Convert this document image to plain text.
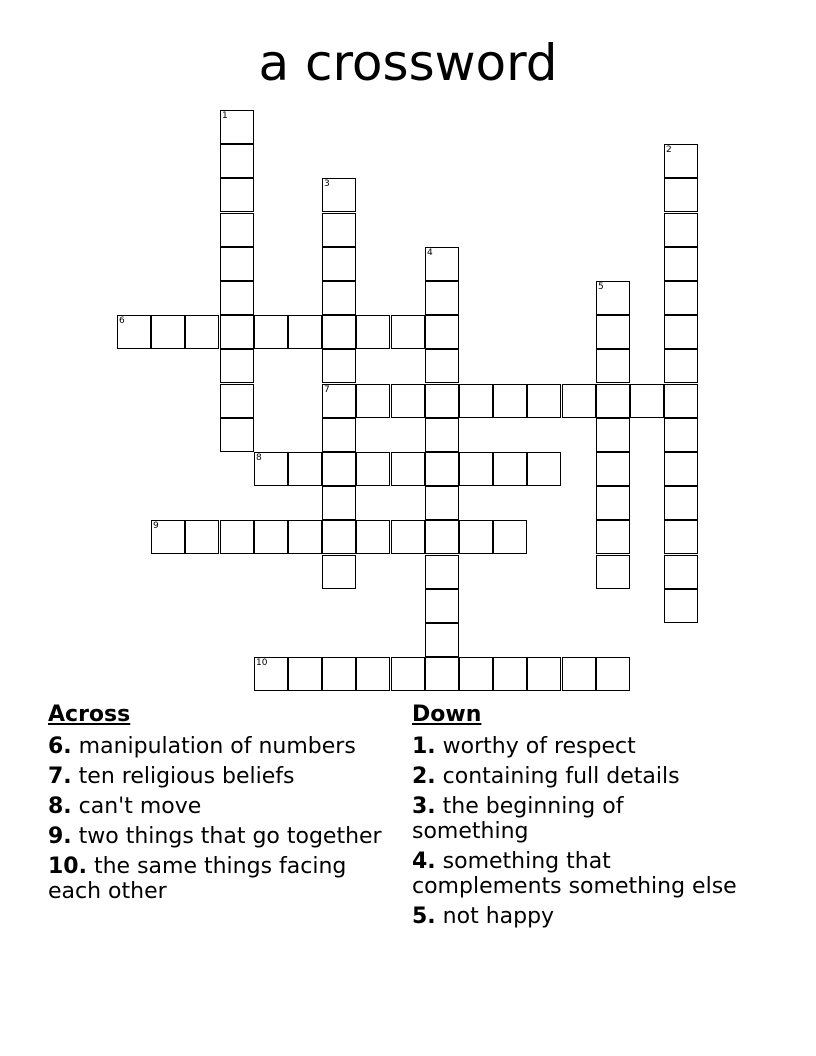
a crossword
6
7
8
9
10
1
2
3
4
5
Across
6. manipulation of numbers
7. ten religious beliefs
8. can't move
9. two things that go together
10. the same things facing each other
Down
1. worthy of respect
2. containing full details
3. the beginning of something
4. something that complements something else
5. not happy
